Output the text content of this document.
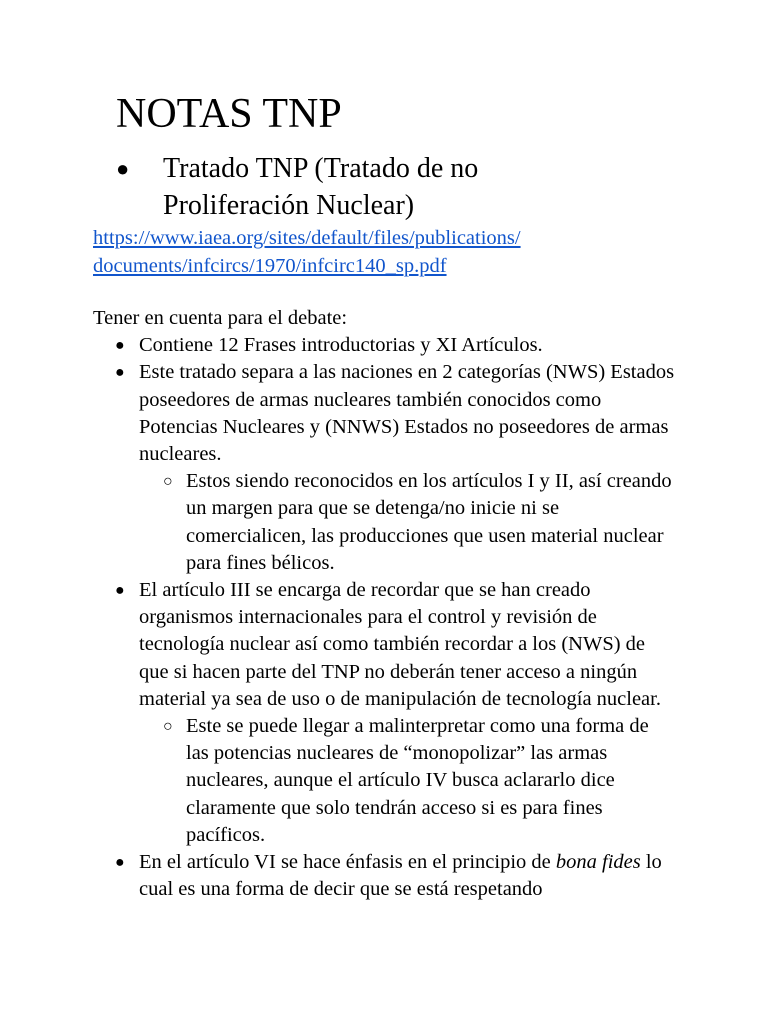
NOTAS TNP
● Tratado TNP (Tratado de no Proliferación Nuclear)
https://www.iaea.org/sites/default/files/publications/
documents/infcircs/1970/infcirc140_sp.pdf

Tener en cuenta para el debate:

● Contiene 12 Frases introductorias y XI Artículos.
● Este tratado separa a las naciones en 2 categorías (NWS) Estados poseedores de armas nucleares también conocidos como Potencias Nucleares y (NNWS) Estados no poseedores de armas nucleares.
○ Estos siendo reconocidos en los artículos I y II, así creando un margen para que se detenga/no inicie ni se comercialicen, las producciones que usen material nuclear para fines bélicos.
● El artículo III se encarga de recordar que se han creado organismos internacionales para el control y revisión de tecnología nuclear así como también recordar a los (NWS) de que si hacen parte del TNP no deberán tener acceso a ningún material ya sea de uso o de manipulación de tecnología nuclear.
○ Este se puede llegar a malinterpretar como una forma de las potencias nucleares de “monopolizar” las armas nucleares, aunque el artículo IV busca aclararlo dice claramente que solo tendrán acceso si es para fines pacíficos.
● En el artículo VI se hace énfasis en el principio de bona fides lo cual es una forma de decir que se está respetando
